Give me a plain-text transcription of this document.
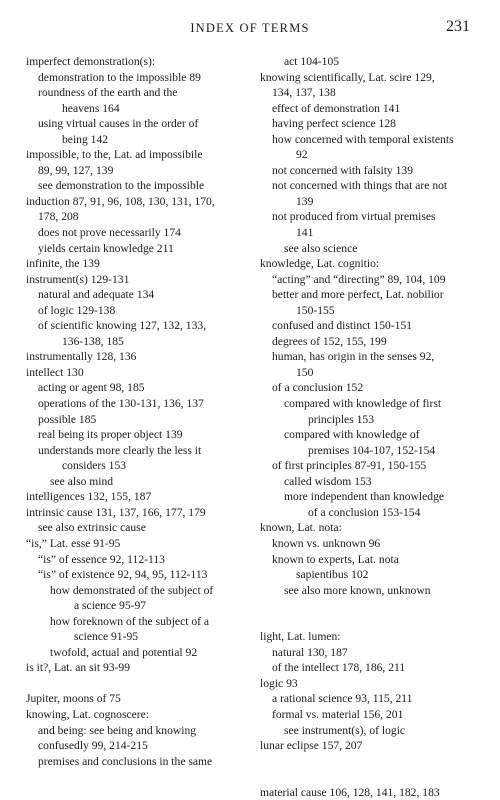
INDEX OF TERMS	231
imperfect demonstration(s):
demonstration to the impossible 89
roundness of the earth and the
heavens 164
using virtual causes in the order of
being 142
impossible, to the, Lat. ad impossibile
89, 99, 127, 139
see demonstration to the impossible
induction 87, 91, 96, 108, 130, 131, 170,
178, 208
does not prove necessarily 174
yields certain knowledge 211
infinite, the 139
instrument(s) 129-131
natural and adequate 134
of logic 129-138
of scientific knowing 127, 132, 133,
136-138, 185
instrumentally 128, 136
intellect 130
acting or agent 98, 185
operations of the 130-131, 136, 137
possible 185
real being its proper object 139
understands more clearly the less it
considers 153
see also mind
intelligences 132, 155, 187
intrinsic cause 131, 137, 166, 177, 179
see also extrinsic cause
“is,” Lat. esse 91-95
“is” of essence 92, 112-113
“is” of existence 92, 94, 95, 112-113
how demonstrated of the subject of
a science 95-97
how foreknown of the subject of a
science 91-95
twofold, actual and potential 92
is it?, Lat. an sit 93-99
Jupiter, moons of 75
knowing, Lat. cognoscere:
and being: see being and knowing
confusedly 99, 214-215
premises and conclusions in the same
act 104-105
knowing scientifically, Lat. scire 129,
134, 137, 138
effect of demonstration 141
having perfect science 128
how concerned with temporal existents
92
not concerned with falsity 139
not concerned with things that are not
139
not produced from virtual premises
141
see also science
knowledge, Lat. cognitio:
“acting” and “directing” 89, 104, 109
better and more perfect, Lat. nobilior
150-155
confused and distinct 150-151
degrees of 152, 155, 199
human, has origin in the senses 92,
150
of a conclusion 152
compared with knowledge of first
principles 153
compared with knowledge of
premises 104-107, 152-154
of first principles 87-91, 150-155
called wisdom 153
more independent than knowledge
of a conclusion 153-154
known, Lat. nota:
known vs. unknown 96
known to experts, Lat. nota
sapientibus 102
see also more known, unknown
light, Lat. lumen:
natural 130, 187
of the intellect 178, 186, 211
logic 93
a rational science 93, 115, 211
formal vs. material 156, 201
see instrument(s), of logic
lunar eclipse 157, 207
material cause 106, 128, 141, 182, 183
